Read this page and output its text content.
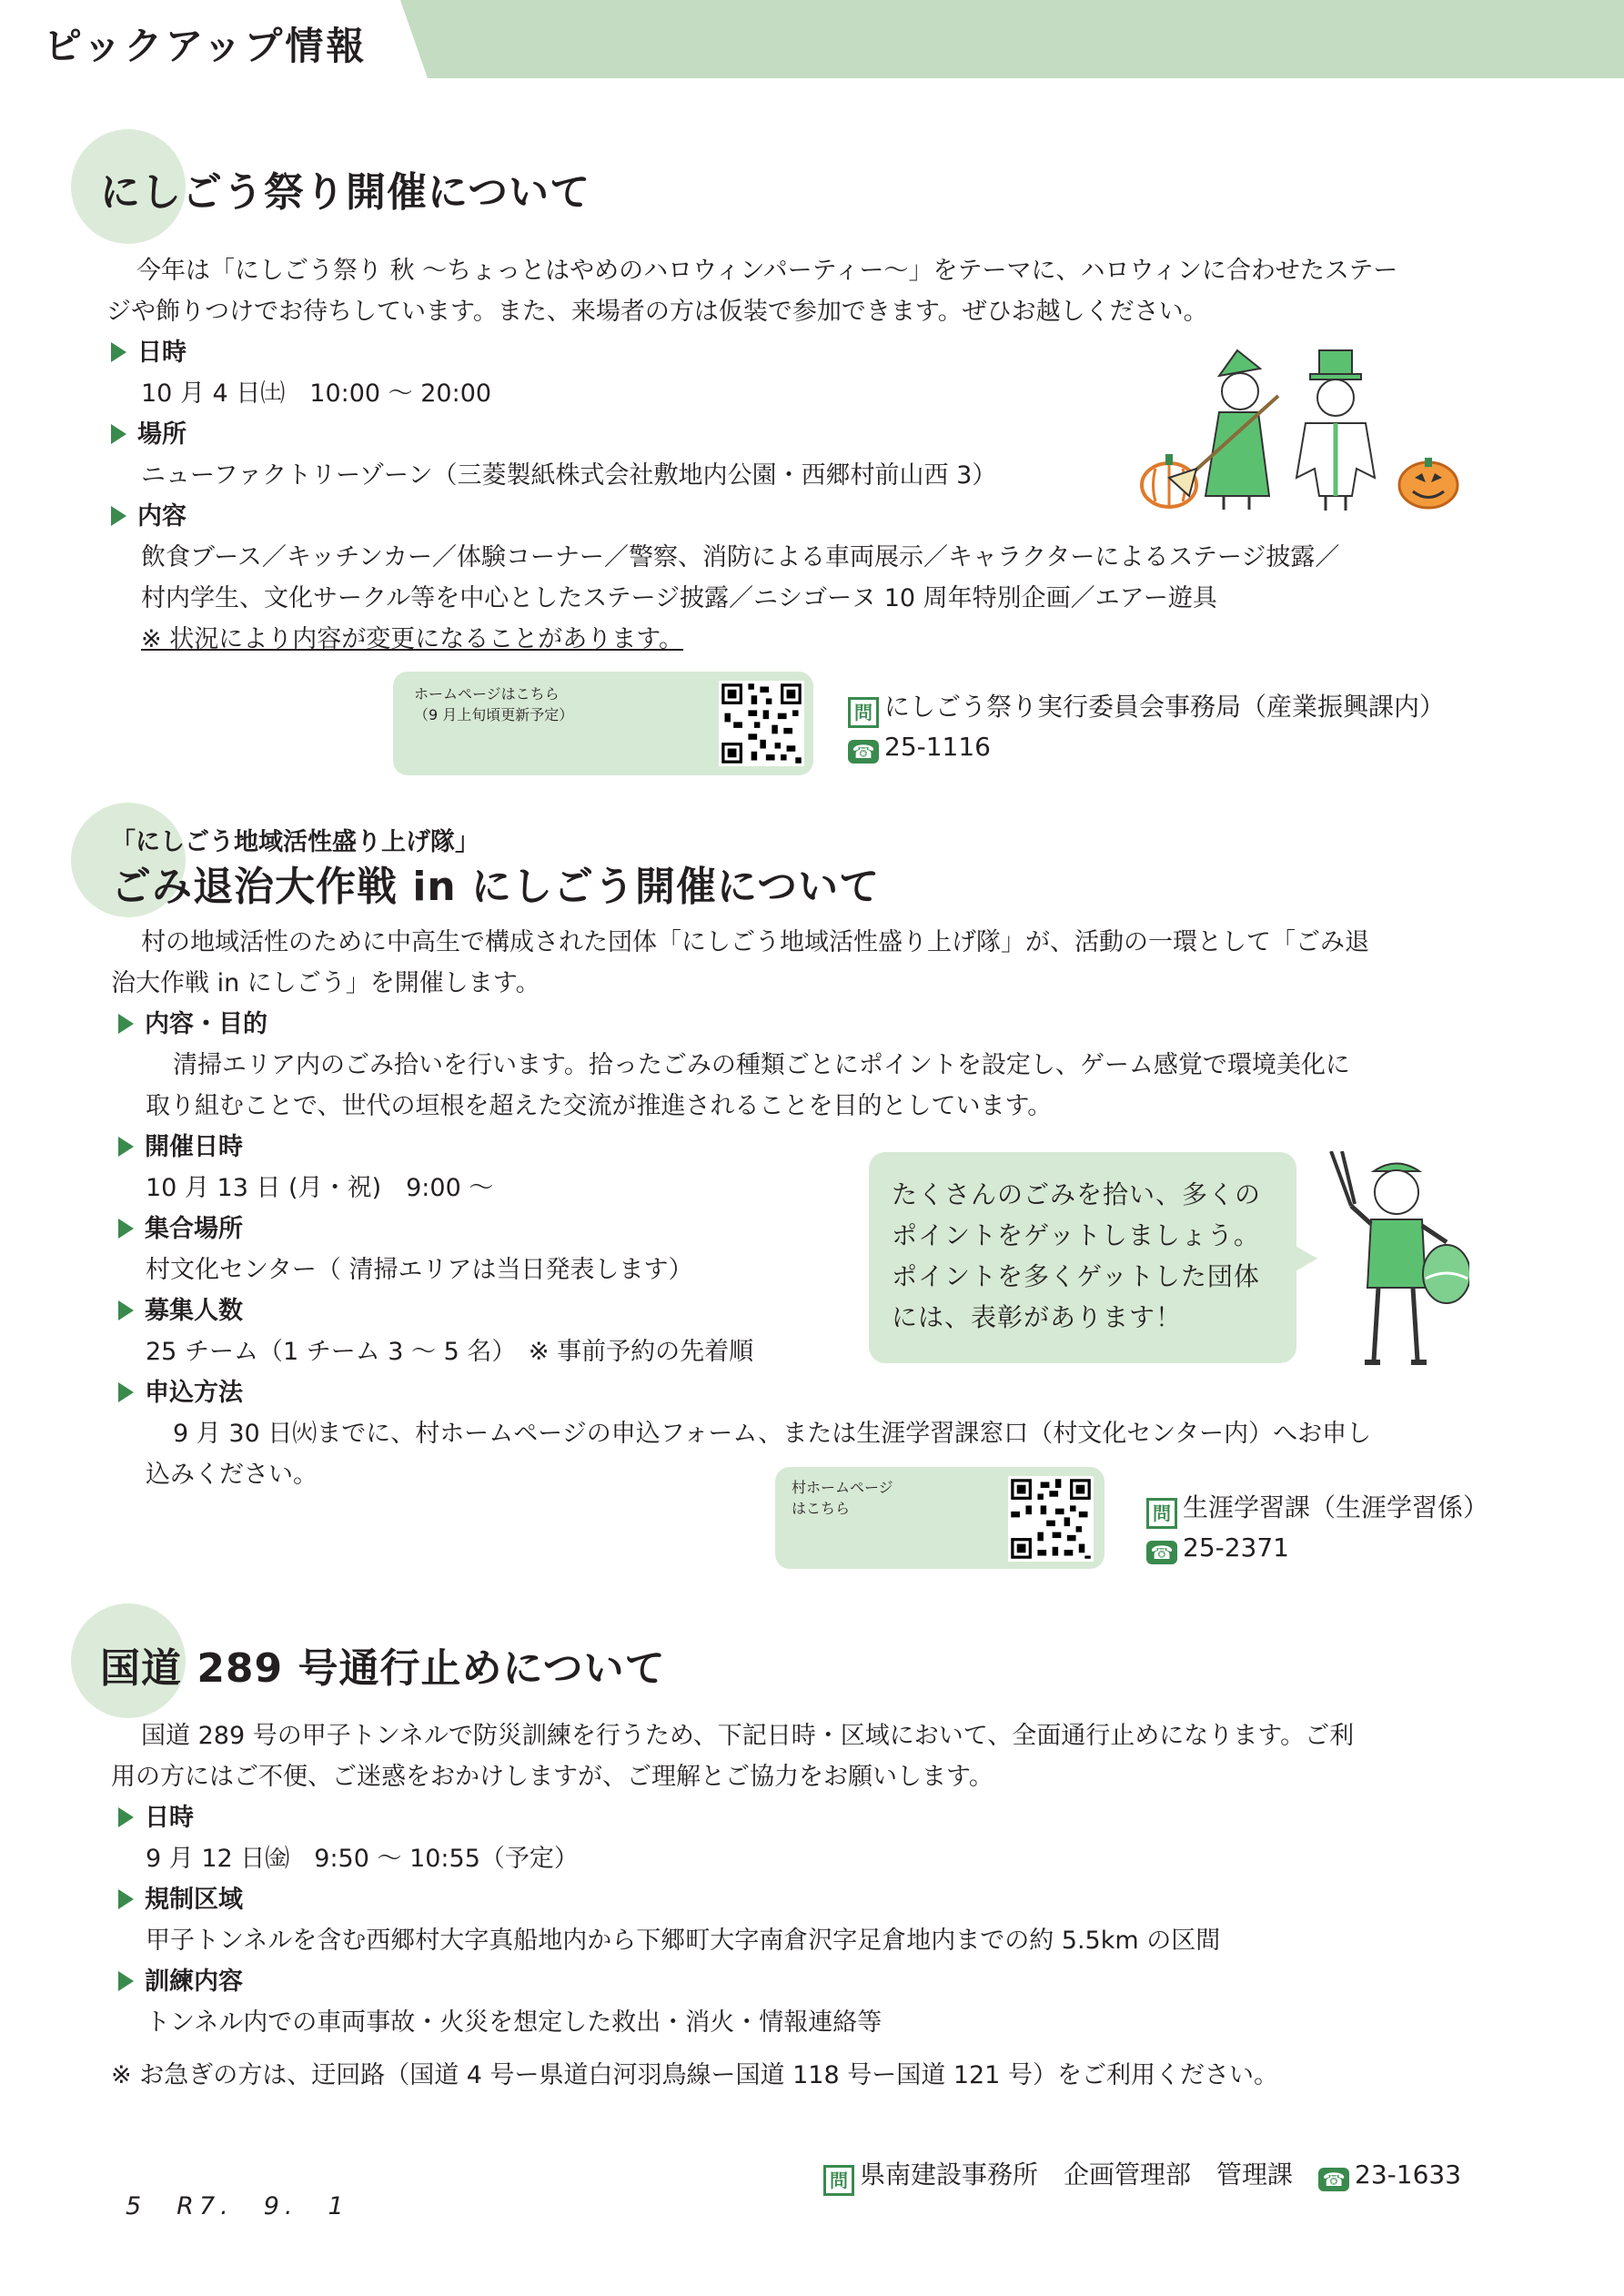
ピックアップ情報
にしごう祭り開催について
今年は「にしごう祭り 秋 〜ちょっとはやめのハロウィンパーティー〜」をテーマに、ハロウィンに合わせたステー
ジや飾りつけでお待ちしています。また、来場者の方は仮装で参加できます。ぜひお越しください。
日時
10 月 4 日㈯　10:00 〜 20:00
場所
ニューファクトリーゾーン（三菱製紙株式会社敷地内公園・西郷村前山西 3）
内容
飲食ブース／キッチンカー／体験コーナー／警察、消防による車両展示／キャラクターによるステージ披露／
村内学生、文化サークル等を中心としたステージ披露／ニシゴーヌ 10 周年特別企画／エアー遊具
※ 状況により内容が変更になることがあります。
ホームページはこちら
（9 月上旬頃更新予定）	問 にしごう祭り実行委員会事務局（産業振興課内）
☎ 25-1116
「にしごう地域活性盛り上げ隊」
ごみ退治大作戦 in にしごう開催について
村の地域活性のために中高生で構成された団体「にしごう地域活性盛り上げ隊」が、活動の一環として「ごみ退
治大作戦 in にしごう」を開催します。
内容・目的
清掃エリア内のごみ拾いを行います。拾ったごみの種類ごとにポイントを設定し、ゲーム感覚で環境美化に
取り組むことで、世代の垣根を超えた交流が推進されることを目的としています。
開催日時
10 月 13 日 (月・祝)　9:00 〜
集合場所
村文化センター（ 清掃エリアは当日発表します）
募集人数
25 チーム（1 チーム 3 〜 5 名）　※ 事前予約の先着順
申込方法
9 月 30 日㈫までに、村ホームページの申込フォーム、または生涯学習課窓口（村文化センター内）へお申し
込みください。
たくさんのごみを拾い、多くの
ポイントをゲットしましょう。
ポイントを多くゲットした団体
には、表彰があります！
村ホームページ
はこちら	問 生涯学習課（生涯学習係）
☎ 25-2371
国道 289 号通行止めについて
国道 289 号の甲子トンネルで防災訓練を行うため、下記日時・区域において、全面通行止めになります。ご利
用の方にはご不便、ご迷惑をおかけしますが、ご理解とご協力をお願いします。
日時
9 月 12 日㈮　9:50 〜 10:55（予定）
規制区域
甲子トンネルを含む西郷村大字真船地内から下郷町大字南倉沢字足倉地内までの約 5.5km の区間
訓練内容
トンネル内での車両事故・火災を想定した救出・消火・情報連絡等
※ お急ぎの方は、迂回路（国道 4 号ー県道白河羽鳥線ー国道 118 号ー国道 121 号）をご利用ください。
問 県南建設事務所　企画管理部　管理課　 ☎ 23-1633
5　R7.　9.　1
